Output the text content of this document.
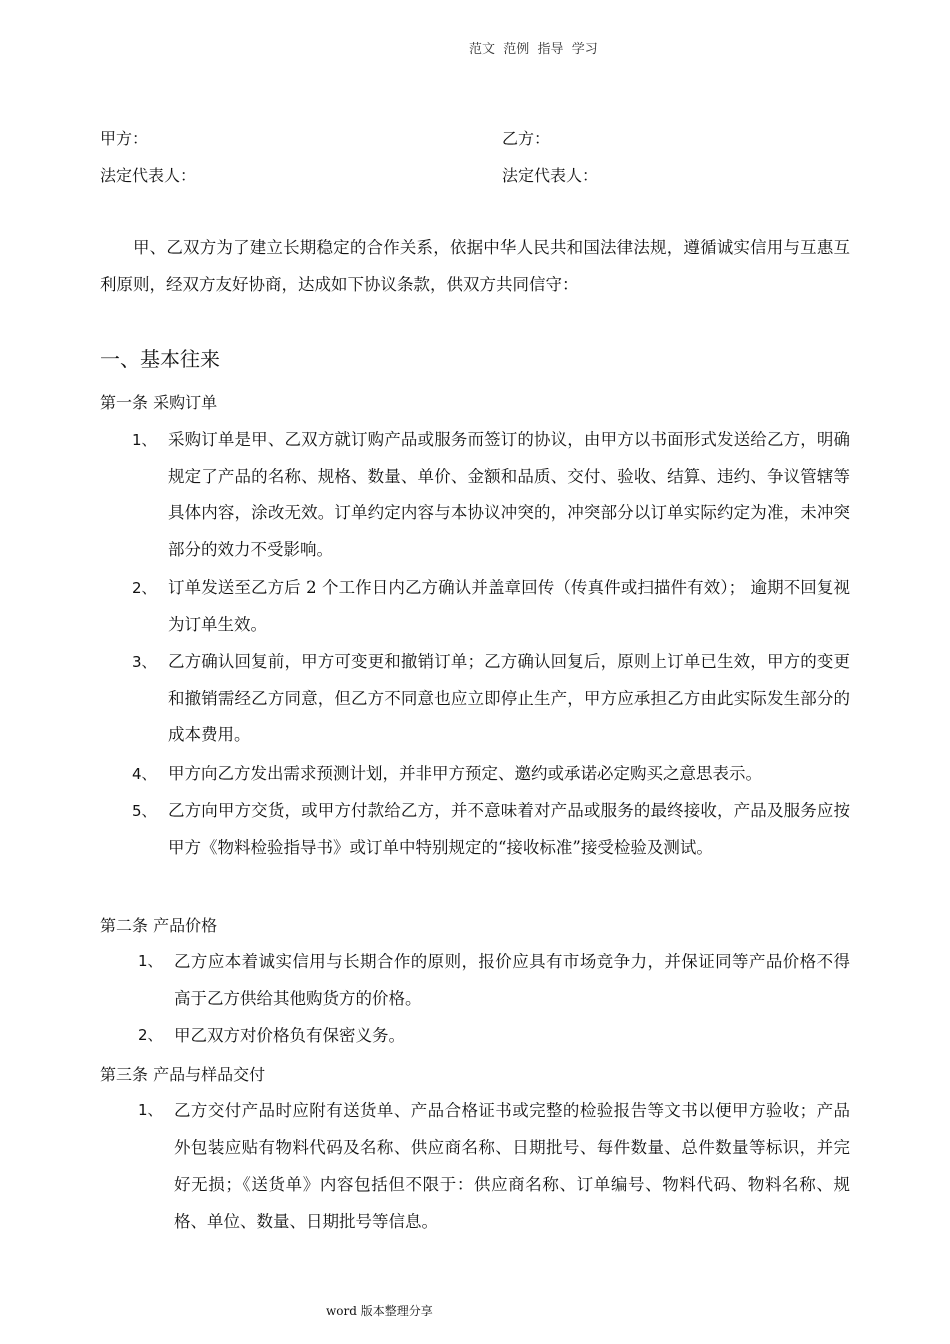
范文  范例  指导  学习
甲方：	乙方：
法定代表人：	法定代表人：
甲、乙双方为了建立长期稳定的合作关系，依据中华人民共和国法律法规，遵循诚实信用与互惠互利原则，经双方友好协商，达成如下协议条款，供双方共同信守：
一、基本往来
第一条 采购订单
1、 采购订单是甲、乙双方就订购产品或服务而签订的协议，由甲方以书面形式发送给乙方，明确规定了产品的名称、规格、数量、单价、金额和品质、交付、验收、结算、违约、争议管辖等具体内容，涂改无效。订单约定内容与本协议冲突的，冲突部分以订单实际约定为准，未冲突部分的效力不受影响。
2、 订单发送至乙方后 2 个工作日内乙方确认并盖章回传（传真件或扫描件有效）； 逾期不回复视为订单生效。
3、 乙方确认回复前，甲方可变更和撤销订单；乙方确认回复后，原则上订单已生效，甲方的变更和撤销需经乙方同意，但乙方不同意也应立即停止生产，甲方应承担乙方由此实际发生部分的成本费用。
4、 甲方向乙方发出需求预测计划，并非甲方预定、邀约或承诺必定购买之意思表示。
5、 乙方向甲方交货，或甲方付款给乙方，并不意味着对产品或服务的最终接收，产品及服务应按甲方《物料检验指导书》或订单中特别规定的“接收标准”接受检验及测试。
第二条 产品价格
1、 乙方应本着诚实信用与长期合作的原则，报价应具有市场竞争力，并保证同等产品价格不得高于乙方供给其他购货方的价格。
2、 甲乙双方对价格负有保密义务。
第三条 产品与样品交付
1、 乙方交付产品时应附有送货单、产品合格证书或完整的检验报告等文书以便甲方验收；产品外包装应贴有物料代码及名称、供应商名称、日期批号、每件数量、总件数量等标识，并完好无损；《送货单》内容包括但不限于：供应商名称、订单编号、物料代码、物料名称、规格、单位、数量、日期批号等信息。
word 版本整理分享
